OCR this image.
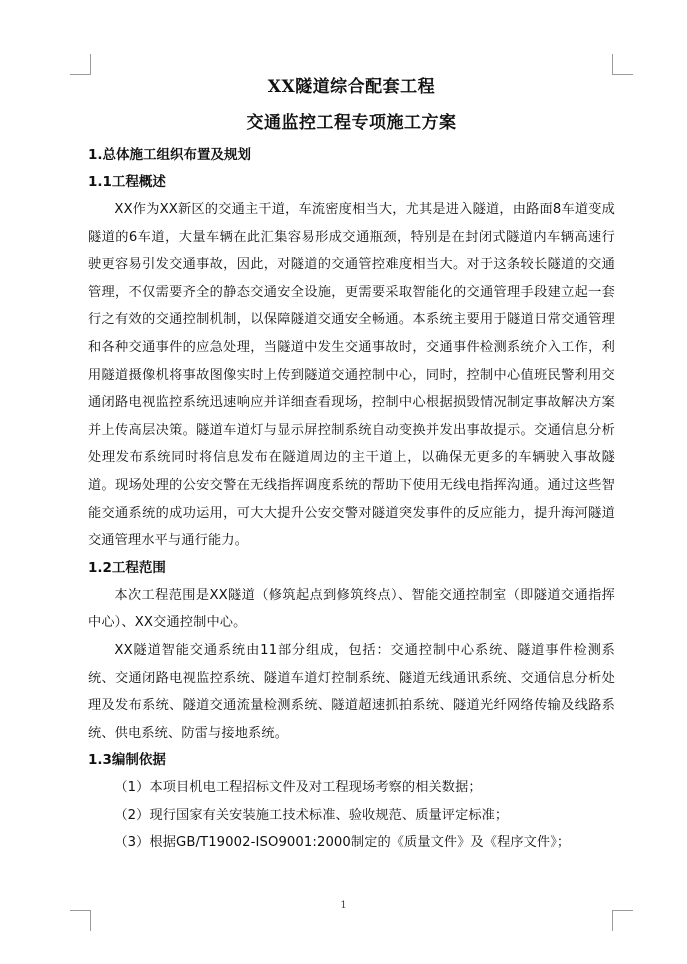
XX隧道综合配套工程
交通监控工程专项施工方案

1.总体施工组织布置及规划

1.1工程概述

XX作为XX新区的交通主干道，车流密度相当大，尤其是进入隧道，由路面8车道变成隧道的6车道，大量车辆在此汇集容易形成交通瓶颈，特别是在封闭式隧道内车辆高速行驶更容易引发交通事故，因此，对隧道的交通管控难度相当大。对于这条较长隧道的交通管理，不仅需要齐全的静态交通安全设施，更需要采取智能化的交通管理手段建立起一套行之有效的交通控制机制，以保障隧道交通安全畅通。本系统主要用于隧道日常交通管理和各种交通事件的应急处理，当隧道中发生交通事故时，交通事件检测系统介入工作，利用隧道摄像机将事故图像实时上传到隧道交通控制中心，同时，控制中心值班民警利用交通闭路电视监控系统迅速响应并详细查看现场，控制中心根据损毁情况制定事故解决方案并上传高层决策。隧道车道灯与显示屏控制系统自动变换并发出事故提示。交通信息分析处理发布系统同时将信息发布在隧道周边的主干道上，以确保无更多的车辆驶入事故隧道。现场处理的公安交警在无线指挥调度系统的帮助下使用无线电指挥沟通。通过这些智能交通系统的成功运用，可大大提升公安交警对隧道突发事件的反应能力，提升海河隧道交通管理水平与通行能力。

1.2工程范围

本次工程范围是XX隧道（修筑起点到修筑终点）、智能交通控制室（即隧道交通指挥中心）、XX交通控制中心。

XX隧道智能交通系统由11部分组成，包括：交通控制中心系统、隧道事件检测系统、交通闭路电视监控系统、隧道车道灯控制系统、隧道无线通讯系统、交通信息分析处理及发布系统、隧道交通流量检测系统、隧道超速抓拍系统、隧道光纤网络传输及线路系统、供电系统、防雷与接地系统。

1.3编制依据

（1）本项目机电工程招标文件及对工程现场考察的相关数据；

（2）现行国家有关安装施工技术标准、验收规范、质量评定标准；

（3）根据GB/T19002-ISO9001:2000制定的《质量文件》及《程序文件》；

1
